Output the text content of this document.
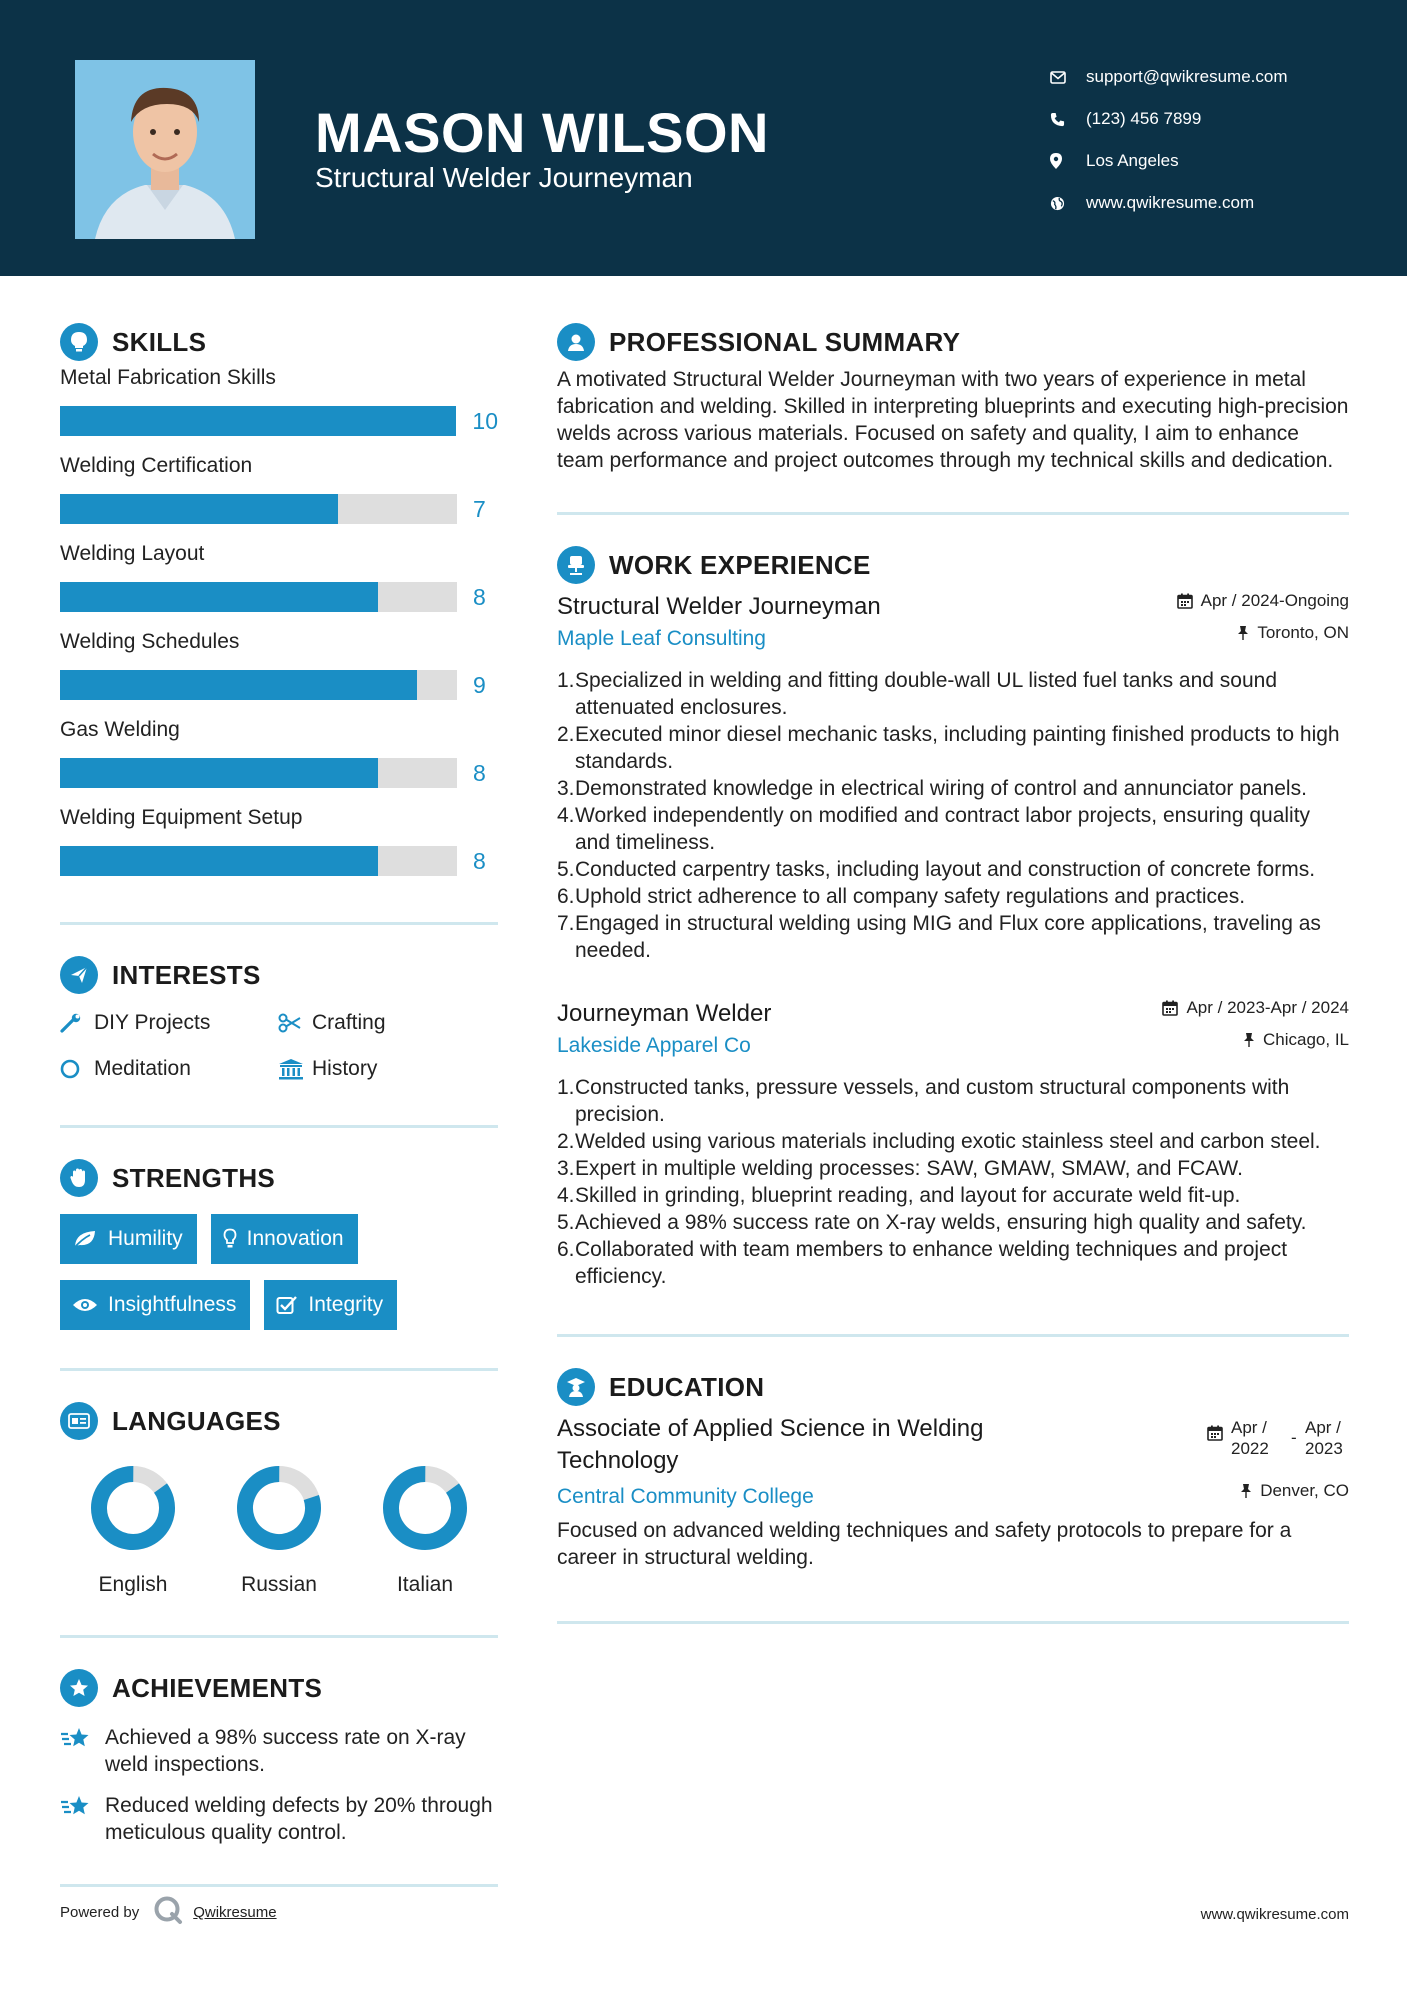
MASON WILSON
Structural Welder Journeyman
support@qwikresume.com
(123) 456 7899
Los Angeles
www.qwikresume.com
SKILLS
Metal Fabrication Skills
10
Welding Certification
7
Welding Layout
8
Welding Schedules
9
Gas Welding
8
Welding Equipment Setup
8
INTERESTS
DIY Projects	Crafting
Meditation	History
STRENGTHS
Humility	Innovation
Insightfulness	Integrity
LANGUAGES
English	Russian	Italian
ACHIEVEMENTS
Achieved a 98% success rate on X-ray weld inspections.
Reduced welding defects by 20% through meticulous quality control.
PROFESSIONAL SUMMARY

A motivated Structural Welder Journeyman with two years of experience in metal fabrication and welding. Skilled in interpreting blueprints and executing high-precision welds across various materials. Focused on safety and quality, I aim to enhance team performance and project outcomes through my technical skills and dedication.

WORK EXPERIENCE
Structural Welder Journeyman	Apr / 2024-Ongoing
Maple Leaf Consulting	Toronto, ON
1. Specialized in welding and fitting double-wall UL listed fuel tanks and sound attenuated enclosures.
2. Executed minor diesel mechanic tasks, including painting finished products to high standards.
3. Demonstrated knowledge in electrical wiring of control and annunciator panels.
4. Worked independently on modified and contract labor projects, ensuring quality and timeliness.
5. Conducted carpentry tasks, including layout and construction of concrete forms.
6. Uphold strict adherence to all company safety regulations and practices.
7. Engaged in structural welding using MIG and Flux core applications, traveling as needed.
Journeyman Welder	Apr / 2023-Apr / 2024
Lakeside Apparel Co	Chicago, IL
1. Constructed tanks, pressure vessels, and custom structural components with precision.
2. Welded using various materials including exotic stainless steel and carbon steel.
3. Expert in multiple welding processes: SAW, GMAW, SMAW, and FCAW.
4. Skilled in grinding, blueprint reading, and layout for accurate weld fit-up.
5. Achieved a 98% success rate on X-ray welds, ensuring high quality and safety.
6. Collaborated with team members to enhance welding techniques and project efficiency.
EDUCATION
Associate of Applied Science in Welding Technology
Apr / 2022
-
Apr / 2023
Central Community College	Denver, CO

Focused on advanced welding techniques and safety protocols to prepare for a career in structural welding.

Powered by	Qwikresume	www.qwikresume.com
